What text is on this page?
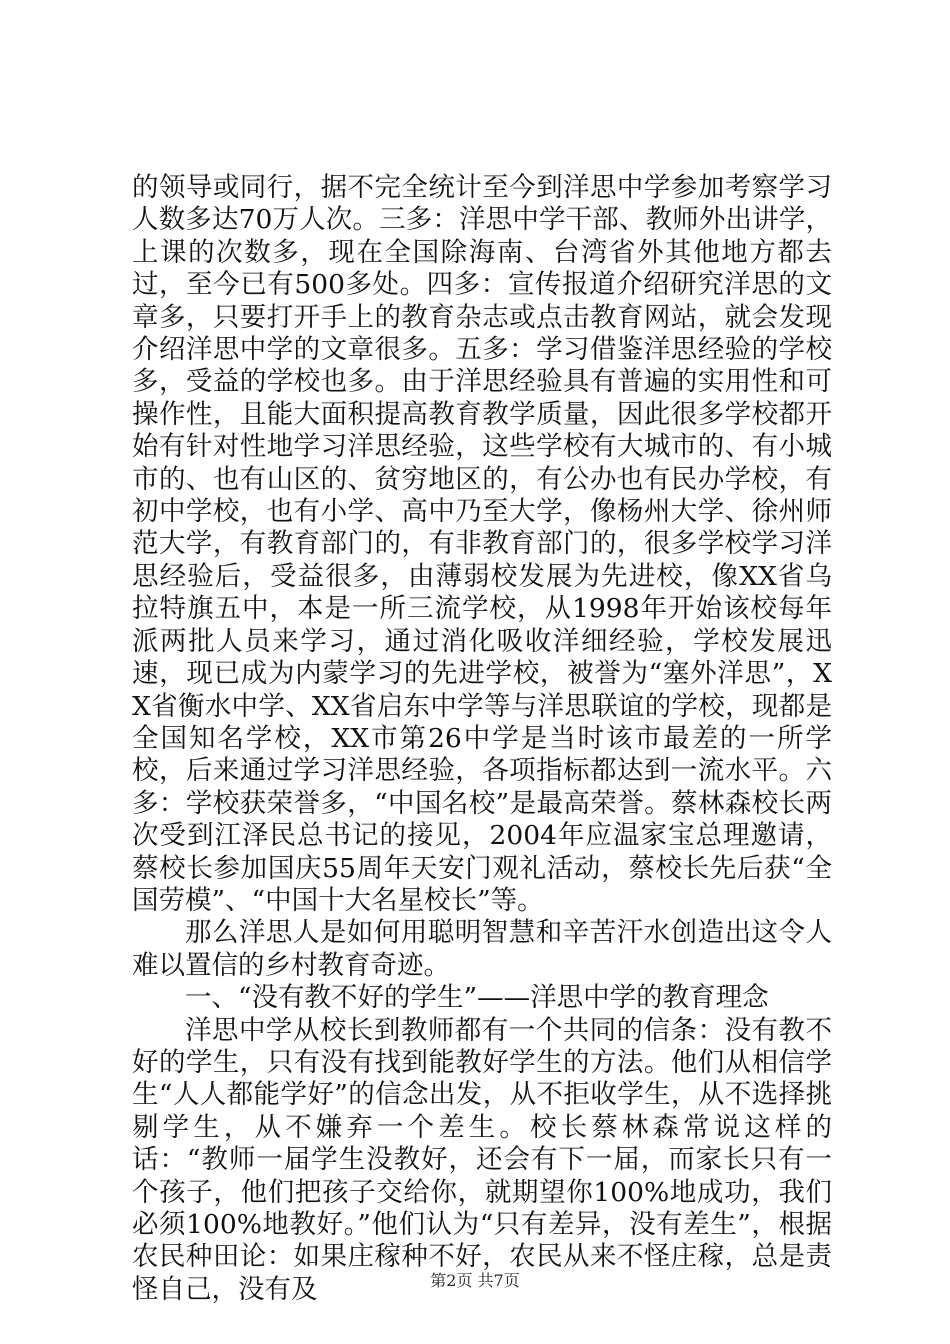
的领导或同行，据不完全统计至今到洋思中学参加考察学习人数多达70万人次。三多：洋思中学干部、教师外出讲学，上课的次数多，现在全国除海南、台湾省外其他地方都去过，至今已有500多处。四多：宣传报道介绍研究洋思的文章多，只要打开手上的教育杂志或点击教育网站，就会发现介绍洋思中学的文章很多。五多：学习借鉴洋思经验的学校多，受益的学校也多。由于洋思经验具有普遍的实用性和可操作性，且能大面积提高教育教学质量，因此很多学校都开始有针对性地学习洋思经验，这些学校有大城市的、有小城市的、也有山区的、贫穷地区的，有公办也有民办学校，有初中学校，也有小学、高中乃至大学，像杨州大学、徐州师范大学，有教育部门的，有非教育部门的，很多学校学习洋思经验后，受益很多，由薄弱校发展为先进校，像XX省乌拉特旗五中，本是一所三流学校，从1998年开始该校每年派两批人员来学习，通过消化吸收洋细经验，学校发展迅速，现已成为内蒙学习的先进学校，被誉为“塞外洋思”，XX省衡水中学、XX省启东中学等与洋思联谊的学校，现都是全国知名学校，XX市第26中学是当时该市最差的一所学校，后来通过学习洋思经验，各项指标都达到一流水平。六多：学校获荣誉多，“中国名校”是最高荣誉。蔡林森校长两次受到江泽民总书记的接见，2004年应温家宝总理邀请，蔡校长参加国庆55周年天安门观礼活动，蔡校长先后获“全国劳模”、“中国十大名星校长”等。

那么洋思人是如何用聪明智慧和辛苦汗水创造出这令人难以置信的乡村教育奇迹。

一、“没有教不好的学生”——洋思中学的教育理念

洋思中学从校长到教师都有一个共同的信条：没有教不好的学生，只有没有找到能教好学生的方法。他们从相信学生“人人都能学好”的信念出发，从不拒收学生，从不选择挑剔学生，从不嫌弃一个差生。校长蔡林森常说这样的话：“教师一届学生没教好，还会有下一届，而家长只有一个孩子，他们把孩子交给你，就期望你100%地成功，我们必须100%地教好。”他们认为“只有差异，没有差生”，根据农民种田论：如果庄稼种不好，农民从来不怪庄稼，总是责怪自己，没有及	第2页 共7页
